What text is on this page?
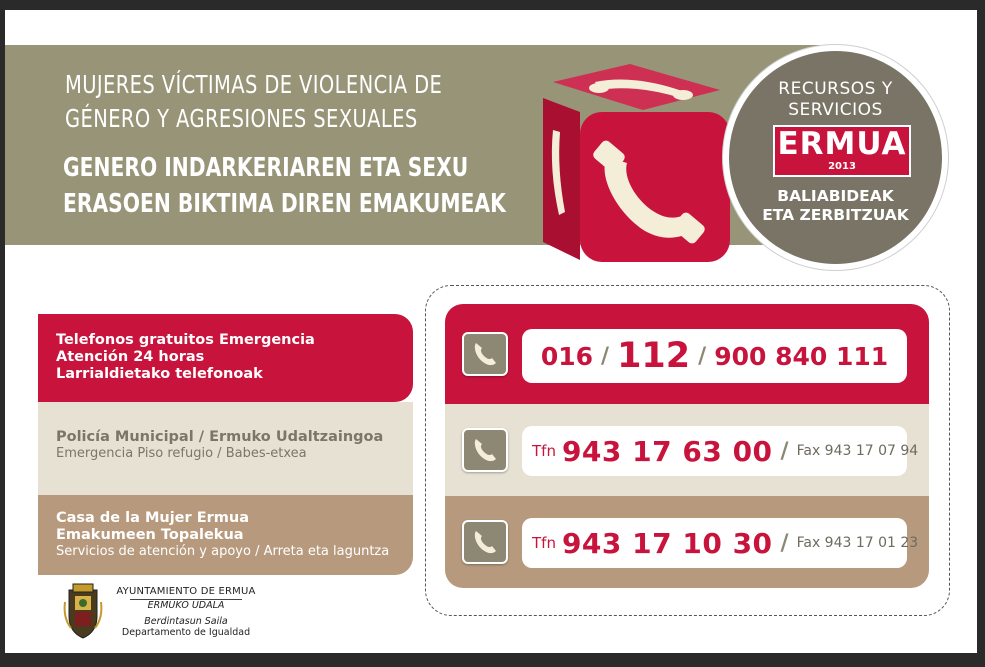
MUJERES VÍCTIMAS DE VIOLENCIA DE
GÉNERO Y AGRESIONES SEXUALES
GENERO INDARKERIAREN ETA SEXU
ERASOEN BIKTIMA DIREN EMAKUMEAK
RECURSOS Y
SERVICIOS
ERMUA
2013
BALIABIDEAK
ETA ZERBITZUAK
Telefonos gratuitos Emergencia
Atención 24 horas
Larrialdietako telefonoak
Policía Municipal / Ermuko Udaltzaingoa
Emergencia Piso refugio / Babes-etxea
Casa de la Mujer Ermua
Emakumeen Topalekua
Servicios de atención y apoyo / Arreta eta laguntza
016 / 112 / 900 840 111
Tfn 943 17 63 00 / Fax 943 17 07 94
Tfn 943 17 10 30 / Fax 943 17 01 23
AYUNTAMIENTO DE ERMUA
ERMUKO UDALA
Berdintasun Saila
Departamento de Igualdad
